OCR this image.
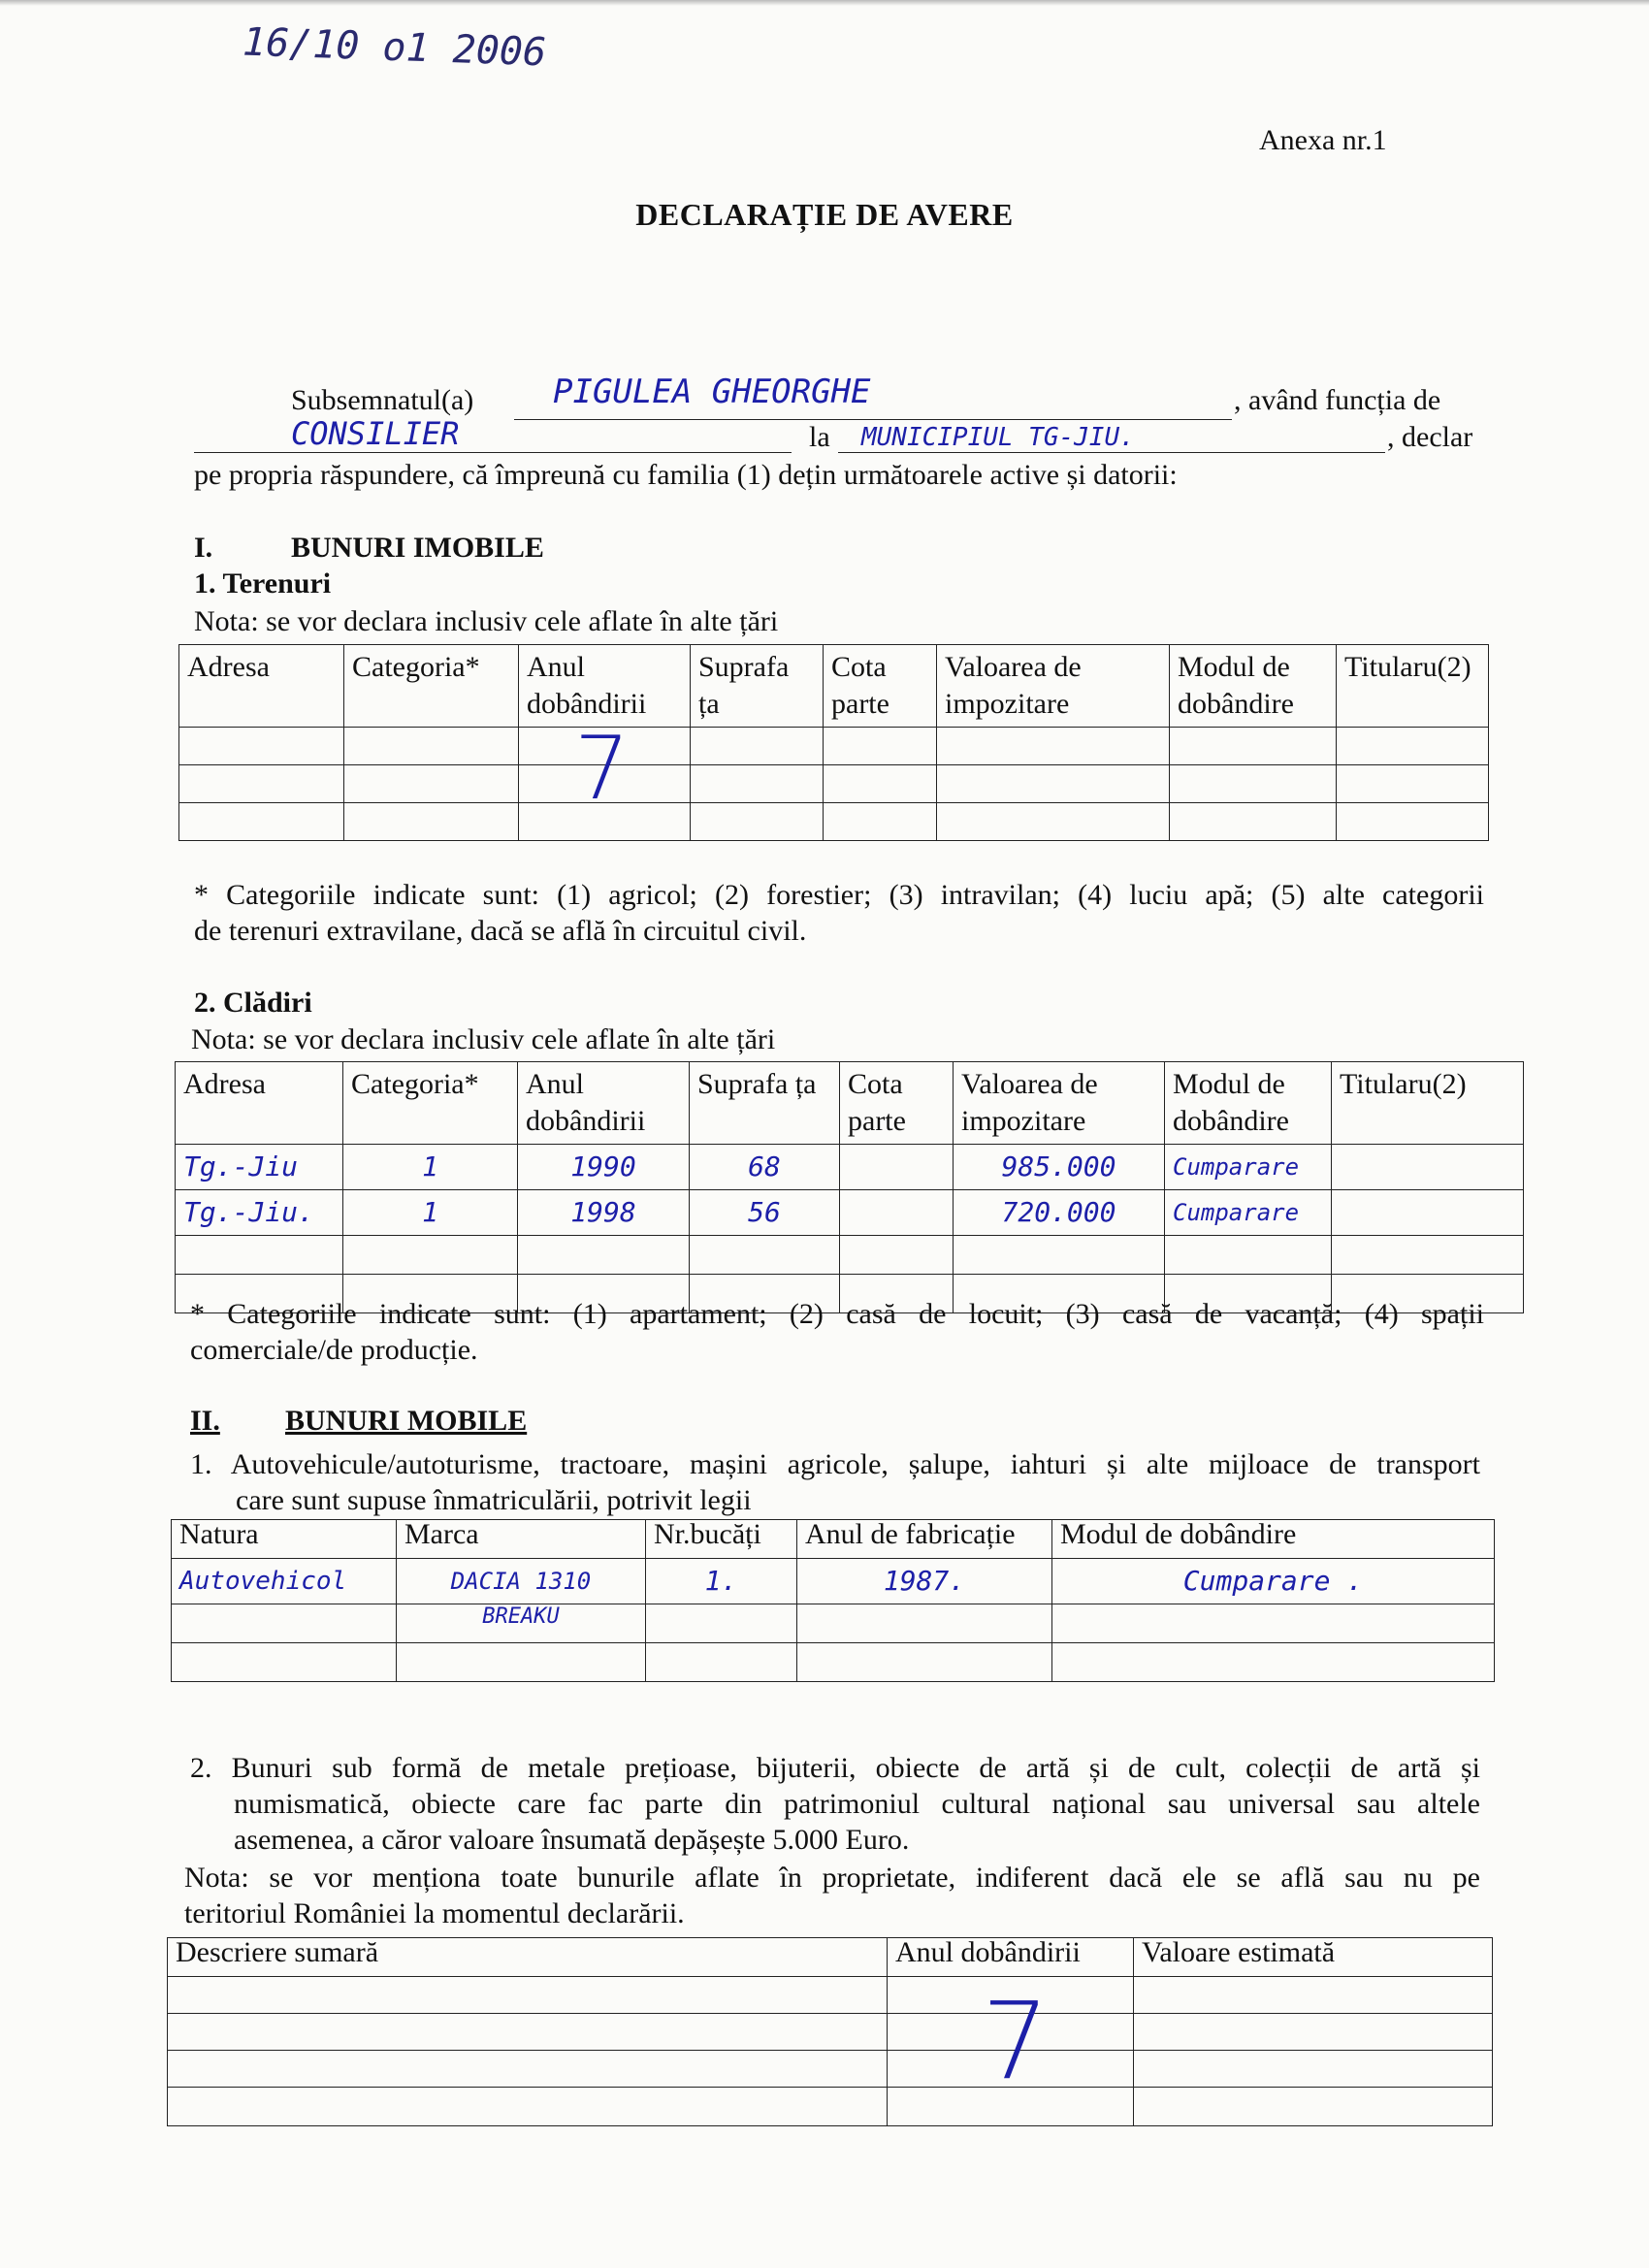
16/10 o1 2006
Anexa nr.1
DECLARAȚIE DE AVERE
Subsemnatul(a) PIGULEA GHEORGHE	, având funcția de
CONSILIER	la MUNICIPIUL TG-JIU.	, declar
pe propria răspundere, că împreună cu familia (1) dețin următoarele active și datorii:
I.	BUNURI IMOBILE
1. Terenuri
Nota: se vor declara inclusiv cele aflate în alte țări
Adresa	Categoria*	Anul dobândirii	Suprafa ța	Cota parte	Valoarea de impozitare	Modul de dobândire	Titularu(2)

7
* Categoriile indicate sunt: (1) agricol; (2) forestier; (3) intravilan; (4) luciu apă; (5) alte categorii
de terenuri extravilane, dacă se află în circuitul civil.
2. Clădiri
Nota: se vor declara inclusiv cele aflate în alte țări
Adresa	Categoria*	Anul dobândirii	Suprafa ța	Cota parte	Valoarea de impozitare	Modul de dobândire	Titularu(2)
Tg.-Jiu	1	1990	68		985.000	Cumparare	
Tg.-Jiu.	1	1998	56		720.000	Cumparare	

* Categoriile indicate sunt: (1) apartament; (2) casă de locuit; (3) casă de vacanță; (4) spații
comerciale/de producție.
II. BUNURI MOBILE
1. Autovehicule/autoturisme, tractoare, mașini agricole, șalupe, iahturi și alte mijloace de transport
care sunt supuse înmatriculării, potrivit legii
Natura	Marca	Nr.bucăți	Anul de fabricație	Modul de dobândire
Autovehicol	DACIA 1310	1.	1987.	Cumparare .
	BREAKU			

2. Bunuri sub formă de metale prețioase, bijuterii, obiecte de artă și de cult, colecții de artă și
numismatică, obiecte care fac parte din patrimoniul cultural național sau universal sau altele
asemenea, a căror valoare însumată depășește 5.000 Euro.
Nota: se vor menționa toate bunurile aflate în proprietate, indiferent dacă ele se află sau nu pe
teritoriul României la momentul declarării.
Descriere sumară	Anul dobândirii	Valoare estimată

7
